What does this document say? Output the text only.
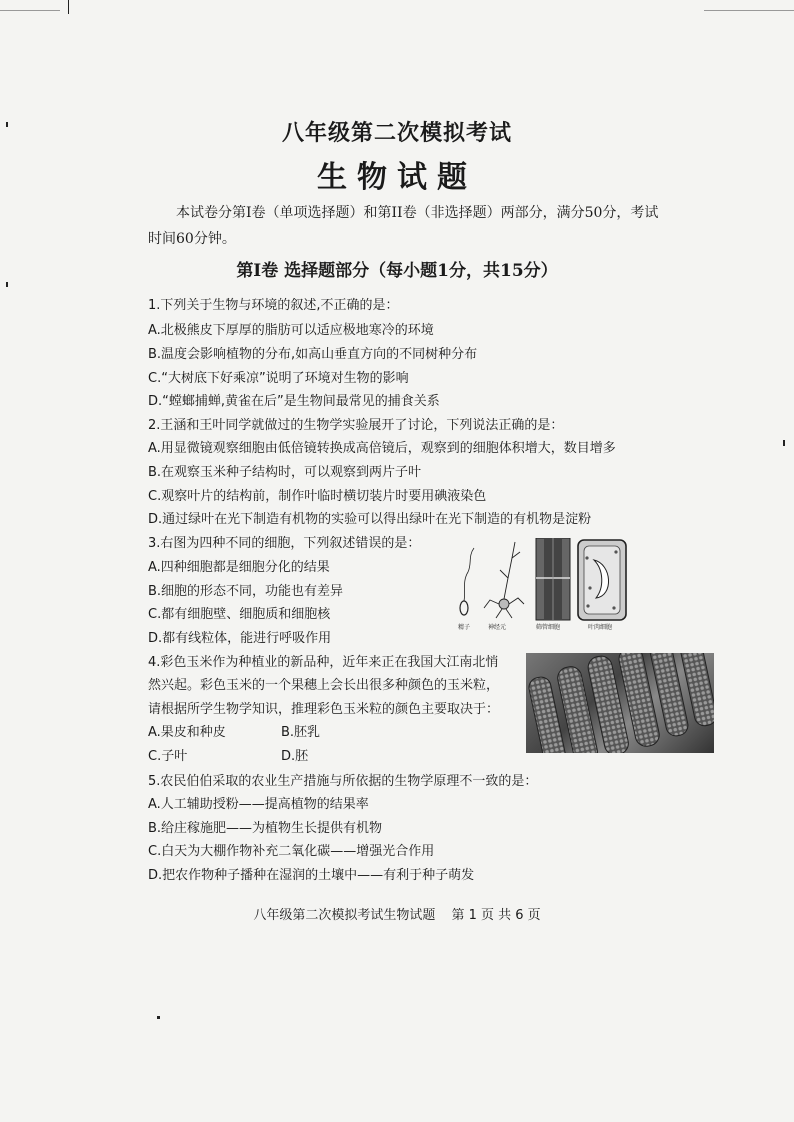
八年级第二次模拟考试
生物试题
本试卷分第Ⅰ卷（单项选择题）和第II卷（非选择题）两部分，满分50分，考试时间60分钟。
第Ⅰ卷 选择题部分（每小题1分，共15分）
1.下列关于生物与环境的叙述,不正确的是：
A.北极熊皮下厚厚的脂肪可以适应极地寒冷的环境
B.温度会影响植物的分布,如高山垂直方向的不同树种分布
C.“大树底下好乘凉”说明了环境对生物的影响
D.“螳螂捕蝉,黄雀在后”是生物间最常见的捕食关系
2.王涵和王叶同学就做过的生物学实验展开了讨论，下列说法正确的是：
A.用显微镜观察细胞由低倍镜转换成高倍镜后，观察到的细胞体积增大，数目增多
B.在观察玉米种子结构时，可以观察到两片子叶
C.观察叶片的结构前，制作叶临时横切装片时要用碘液染色
D.通过绿叶在光下制造有机物的实验可以得出绿叶在光下制造的有机物是淀粉
3.右图为四种不同的细胞，下列叙述错误的是：
A.四种细胞都是细胞分化的结果
B.细胞的形态不同，功能也有差异
C.都有细胞壁、细胞质和细胞核
D.都有线粒体，能进行呼吸作用
精子	神经元	筛管细胞	叶肉细胞
4.彩色玉米作为种植业的新品种，近年来正在我国大江南北悄
然兴起。彩色玉米的一个果穗上会长出很多种颜色的玉米粒，
请根据所学生物学知识，推理彩色玉米粒的颜色主要取决于：
A.果皮和种皮	B.胚乳
C.子叶	D.胚
5.农民伯伯采取的农业生产措施与所依据的生物学原理不一致的是：
A.人工辅助授粉——提高植物的结果率
B.给庄稼施肥——为植物生长提供有机物
C.白天为大棚作物补充二氧化碳——增强光合作用
D.把农作物种子播种在湿润的土壤中——有利于种子萌发
八年级第二次模拟考试生物试题 第 1 页 共 6 页
